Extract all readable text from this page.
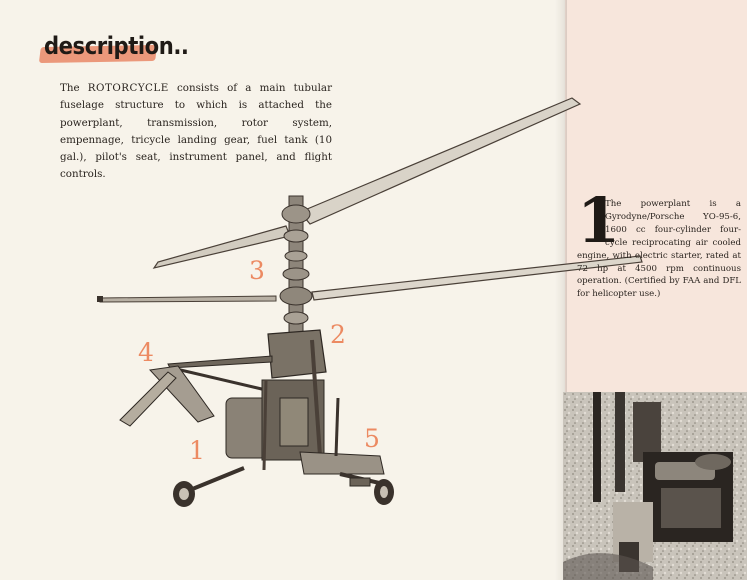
description..
The ROTORCYCLE consists of a main tubular fuselage structure to which is attached the powerplant, transmission, rotor system, empennage, tricycle landing gear, fuel tank (10 gal.), pilot's seat, instrument panel, and flight controls.
1
2
3
4
5
1
The powerplant is a Gyrodyne/Porsche YO-95-6, 1600 cc four-cylinder four-cycle reciprocating air cooled engine, with electric starter, rated at 72 hp at 4500 rpm continuous operation. (Certified by FAA and DFL for helicopter use.)
